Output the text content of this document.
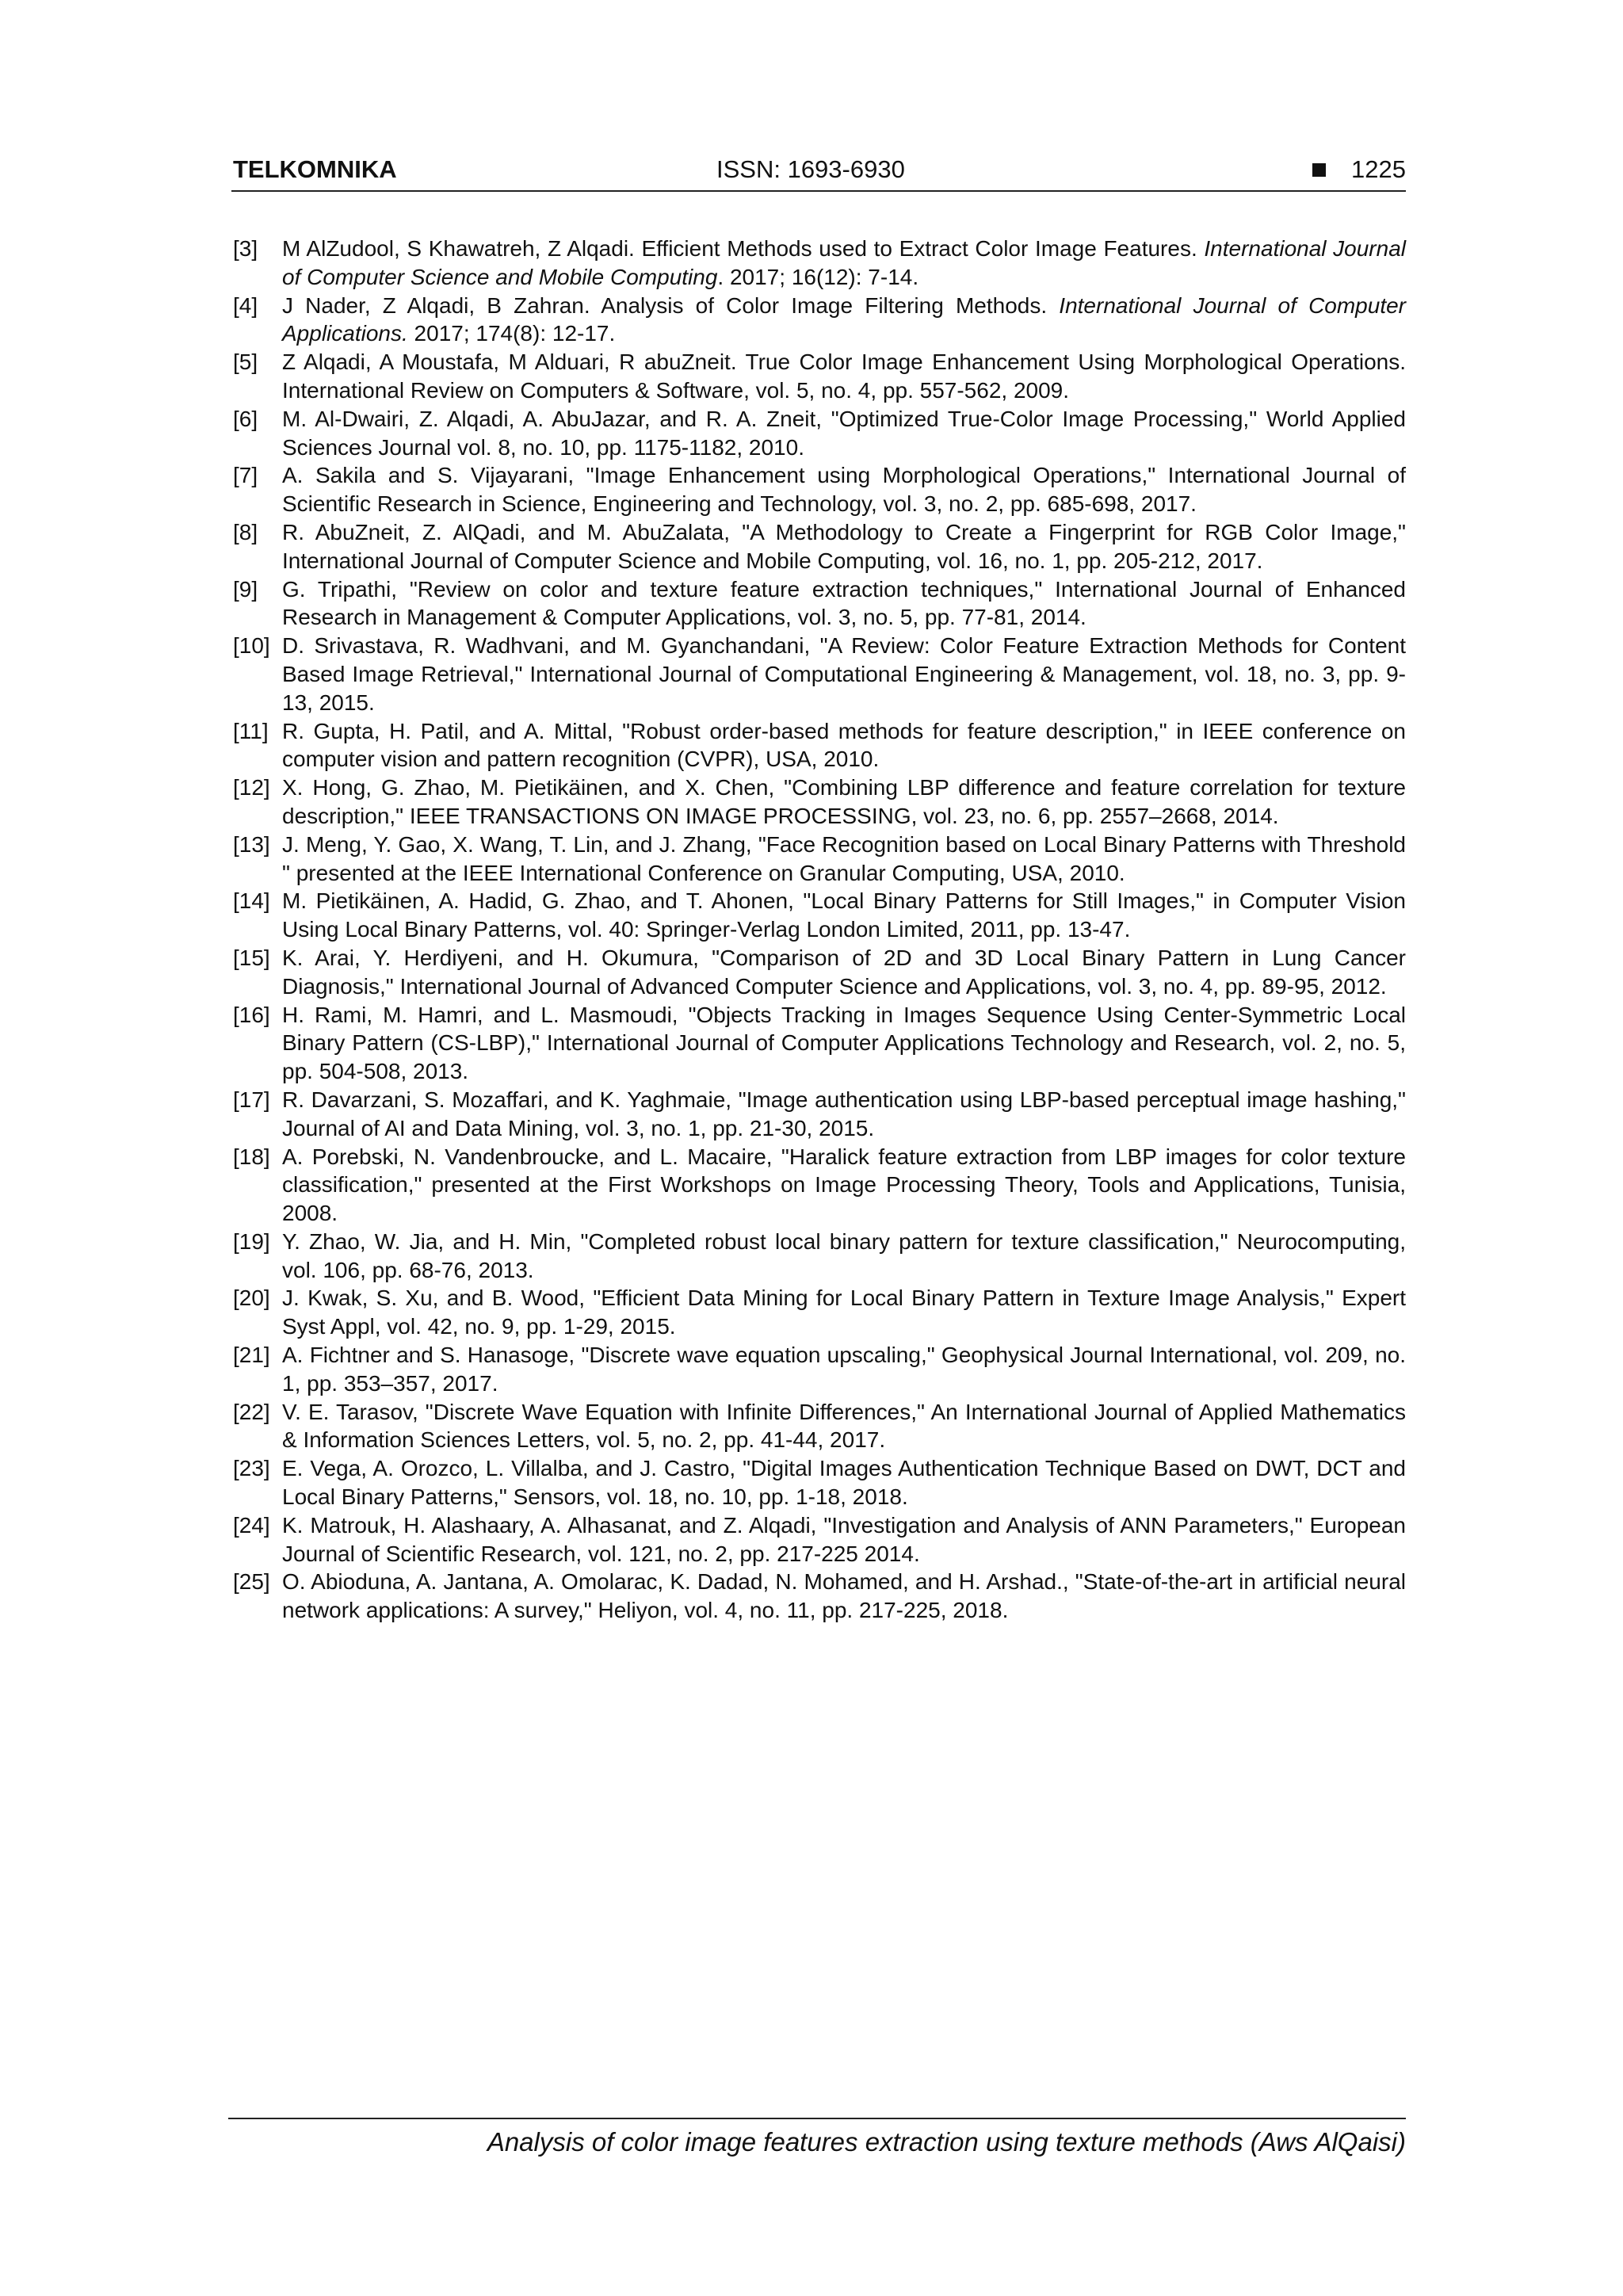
TELKOMNIKA	ISSN: 1693-6930	1225
[3]	M AlZudool, S Khawatreh, Z Alqadi. Efficient Methods used to Extract Color Image Features. International Journal of Computer Science and Mobile Computing. 2017; 16(12): 7-14.
[4]	J Nader, Z Alqadi, B Zahran. Analysis of Color Image Filtering Methods. International Journal of Computer Applications. 2017; 174(8): 12-17.
[5]	Z Alqadi, A Moustafa, M Alduari, R abuZneit. True Color Image Enhancement Using Morphological Operations. International Review on Computers & Software, vol. 5, no. 4, pp. 557-562, 2009.
[6]	M. Al-Dwairi, Z. Alqadi, A. AbuJazar, and R. A. Zneit, "Optimized True-Color Image Processing," World Applied Sciences Journal vol. 8, no. 10, pp. 1175-1182, 2010.
[7]	A. Sakila and S. Vijayarani, "Image Enhancement using Morphological Operations," International Journal of Scientific Research in Science, Engineering and Technology, vol. 3, no. 2, pp. 685-698, 2017.
[8]	R. AbuZneit, Z. AlQadi, and M. AbuZalata, "A Methodology to Create a Fingerprint for RGB Color Image," International Journal of Computer Science and Mobile Computing, vol. 16, no. 1, pp. 205-212, 2017.
[9]	G. Tripathi, "Review on color and texture feature extraction techniques," International Journal of Enhanced Research in Management & Computer Applications, vol. 3, no. 5, pp. 77-81, 2014.
[10] D. Srivastava, R. Wadhvani, and M. Gyanchandani, "A Review: Color Feature Extraction Methods for Content Based Image Retrieval," International Journal of Computational Engineering & Management, vol. 18, no. 3, pp. 9-13, 2015.
[11] R. Gupta, H. Patil, and A. Mittal, "Robust order-based methods for feature description," in IEEE conference on computer vision and pattern recognition (CVPR), USA, 2010.
[12] X. Hong, G. Zhao, M. Pietikäinen, and X. Chen, "Combining LBP difference and feature correlation for texture description," IEEE TRANSACTIONS ON IMAGE PROCESSING, vol. 23, no. 6, pp. 2557–2668, 2014.
[13] J. Meng, Y. Gao, X. Wang, T. Lin, and J. Zhang, "Face Recognition based on Local Binary Patterns with Threshold " presented at the IEEE International Conference on Granular Computing, USA, 2010.
[14] M. Pietikäinen, A. Hadid, G. Zhao, and T. Ahonen, "Local Binary Patterns for Still Images," in Computer Vision Using Local Binary Patterns, vol. 40: Springer-Verlag London Limited, 2011, pp. 13-47.
[15] K. Arai, Y. Herdiyeni, and H. Okumura, "Comparison of 2D and 3D Local Binary Pattern in Lung Cancer Diagnosis," International Journal of Advanced Computer Science and Applications, vol. 3, no. 4, pp. 89-95, 2012.
[16] H. Rami, M. Hamri, and L. Masmoudi, "Objects Tracking in Images Sequence Using Center-Symmetric Local Binary Pattern (CS-LBP)," International Journal of Computer Applications Technology and Research, vol. 2, no. 5, pp. 504-508, 2013.
[17] R. Davarzani, S. Mozaffari, and K. Yaghmaie, "Image authentication using LBP-based perceptual image hashing," Journal of AI and Data Mining, vol. 3, no. 1, pp. 21-30, 2015.
[18] A. Porebski, N. Vandenbroucke, and L. Macaire, "Haralick feature extraction from LBP images for color texture classification," presented at the First Workshops on Image Processing Theory, Tools and Applications, Tunisia, 2008.
[19] Y. Zhao, W. Jia, and H. Min, "Completed robust local binary pattern for texture classification," Neurocomputing, vol. 106, pp. 68-76, 2013.
[20] J. Kwak, S. Xu, and B. Wood, "Efficient Data Mining for Local Binary Pattern in Texture Image Analysis," Expert Syst Appl, vol. 42, no. 9, pp. 1-29, 2015.
[21] A. Fichtner and S. Hanasoge, "Discrete wave equation upscaling," Geophysical Journal International, vol. 209, no. 1, pp. 353–357, 2017.
[22] V. E. Tarasov, "Discrete Wave Equation with Infinite Differences," An International Journal of Applied Mathematics & Information Sciences Letters, vol. 5, no. 2, pp. 41-44, 2017.
[23] E. Vega, A. Orozco, L. Villalba, and J. Castro, "Digital Images Authentication Technique Based on DWT, DCT and Local Binary Patterns," Sensors, vol. 18, no. 10, pp. 1-18, 2018.
[24] K. Matrouk, H. Alashaary, A. Alhasanat, and Z. Alqadi, "Investigation and Analysis of ANN Parameters," European Journal of Scientific Research, vol. 121, no. 2, pp. 217-225 2014.
[25] O. Abioduna, A. Jantana, A. Omolarac, K. Dadad, N. Mohamed, and H. Arshad., "State-of-the-art in artificial neural network applications: A survey," Heliyon, vol. 4, no. 11, pp. 217-225, 2018.
Analysis of color image features extraction using texture methods (Aws AlQaisi)
